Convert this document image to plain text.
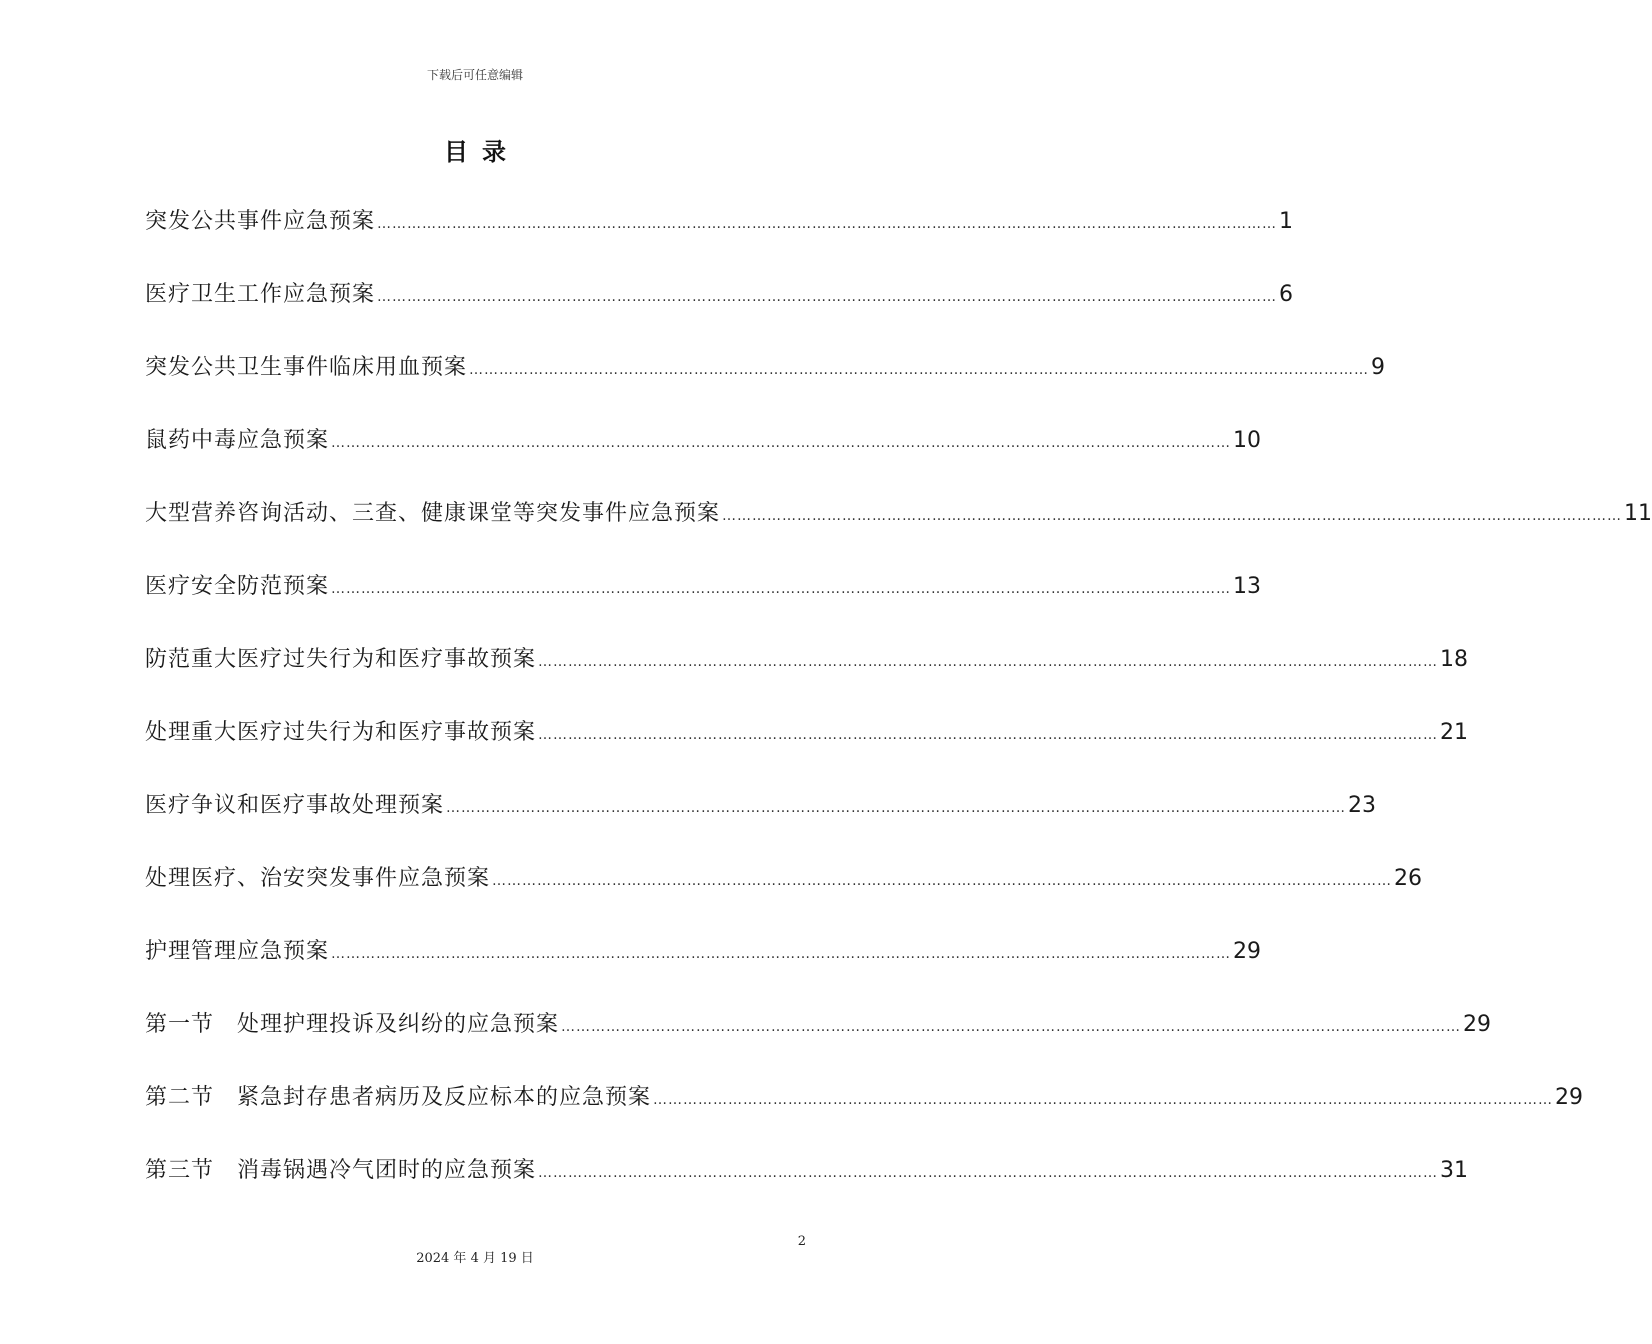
下载后可任意编辑
目录
突发公共事件应急预案 ……………………………………………………………………………………………………………………………………………………………… 1
医疗卫生工作应急预案 ……………………………………………………………………………………………………………………………………………………………… 6
突发公共卫生事件临床用血预案 ……………………………………………………………………………………………………………………………………………………………… 9
鼠药中毒应急预案 ……………………………………………………………………………………………………………………………………………………………… 10
大型营养咨询活动、三查、健康课堂等突发事件应急预案 ……………………………………………………………………………………………………………………………………………………………… 11
医疗安全防范预案 ……………………………………………………………………………………………………………………………………………………………… 13
防范重大医疗过失行为和医疗事故预案 ……………………………………………………………………………………………………………………………………………………………… 18
处理重大医疗过失行为和医疗事故预案 ……………………………………………………………………………………………………………………………………………………………… 21
医疗争议和医疗事故处理预案 ……………………………………………………………………………………………………………………………………………………………… 23
处理医疗、治安突发事件应急预案 ……………………………………………………………………………………………………………………………………………………………… 26
护理管理应急预案 ……………………………………………………………………………………………………………………………………………………………… 29
第一节　处理护理投诉及纠纷的应急预案 ……………………………………………………………………………………………………………………………………………………………… 29
第二节　紧急封存患者病历及反应标本的应急预案 ……………………………………………………………………………………………………………………………………………………………… 29
第三节　消毒锅遇冷气团时的应急预案 ……………………………………………………………………………………………………………………………………………………………… 31
2
2024 年 4 月 19 日
